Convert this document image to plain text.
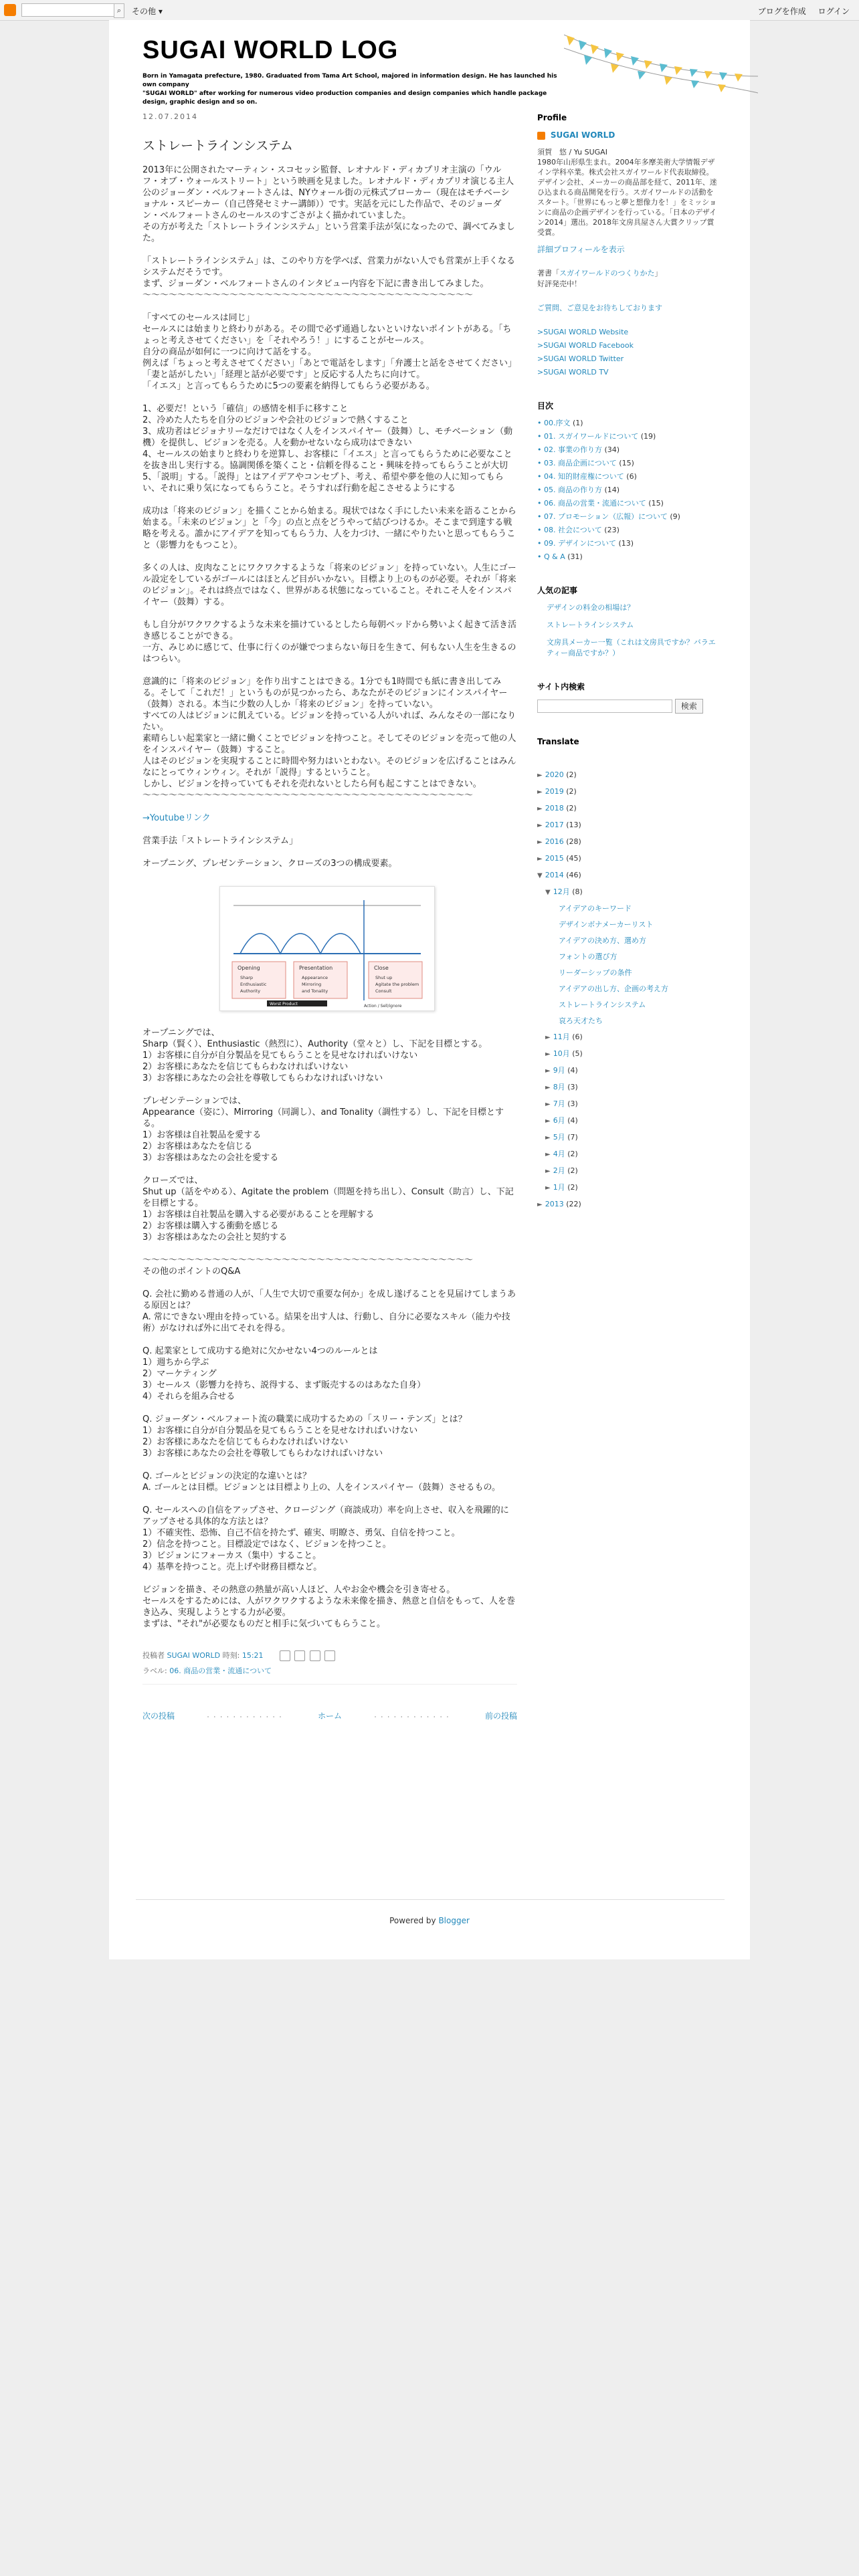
⌕	その他 ▾	ブログを作成 ログイン
SUGAI WORLD LOG
Born in Yamagata prefecture, 1980. Graduated from Tama Art School, majored in information design. He has launched his own company
"SUGAI WORLD" after working for numerous video production companies and design companies which handle package design, graphic design and so on.
12.07.2014
ストレートラインシステム

2013年に公開されたマーティン・スコセッシ監督、レオナルド・ディカプリオ主演の「ウルフ・オブ・ウォールストリート」という映画を見ました。レオナルド・ディカプリオ演じる主人公のジョーダン・ベルフォートさんは、NYウォール街の元株式ブローカー（現在はモチベーショナル・スピーカー（自己啓発セミナー講師））です。実話を元にした作品で、そのジョーダン・ベルフォートさんのセールスのすごさがよく描かれていました。
その方が考えた「ストレートラインシステム」という営業手法が気になったので、調べてみました。

「ストレートラインシステム」は、このやり方を学べば、営業力がない人でも営業が上手くなるシステムだそうです。
まず、ジョーダン・ベルフォートさんのインタビュー内容を下記に書き出してみました。
〜〜〜〜〜〜〜〜〜〜〜〜〜〜〜〜〜〜〜〜〜〜〜〜〜〜〜〜〜〜〜〜〜〜〜〜〜〜

「すべてのセールスは同じ」
セールスには始まりと終わりがある。その間で必ず通過しないといけないポイントがある。「ちょっと考えさせてください」を「それやろう！」にすることがセールス。
自分の商品が如何に一つに向けて話をする。
例えば「ちょっと考えさせてください」「あとで電話をします」「弁護士と話をさせてください」「妻と話がしたい」「経理と話が必要です」と反応する人たちに向けて。
「イエス」と言ってもらうために5つの要素を納得してもらう必要がある。

1、必要だ！という「確信」の感情を相手に移すこと
2、冷めた人たちを自分のビジョンや会社のビジョンで熱くすること
3、成功者はビジョナリーなだけではなく人をインスパイヤー（鼓舞）し、モチベーション（動機）を提供し、ビジョンを売る。人を動かせないなら成功はできない
4、セールスの始まりと終わりを逆算し、お客様に「イエス」と言ってもらうために必要なことを抜き出し実行する。協調関係を築くこと・信頼を得ること・興味を持ってもらうことが大切
5、「説明」する。「説得」とはアイデアやコンセプト、考え、希望や夢を他の人に知ってもらい、それに乗り気になってもらうこと。そうすれば行動を起こさせるようにする

成功は「将来のビジョン」を描くことから始まる。現状ではなく手にしたい未来を語ることから始まる。「未来のビジョン」と「今」の点と点をどうやって結びつけるか。そこまで到達する戦略を考える。誰かにアイデアを知ってもらう力、人を力づけ、一緒にやりたいと思ってもらうこと（影響力をもつこと）。

多くの人は、皮肉なことにワクワクするような「将来のビジョン」を持っていない。人生にゴール設定をしているがゴールにはほとんど目がいかない。目標より上のものが必要。それが「将来のビジョン」。それは終点ではなく、世界がある状態になっていること。それこそ人をインスパイヤー（鼓舞）する。

もし自分がワクワクするような未来を描けているとしたら毎朝ベッドから勢いよく起きて活き活き感じることができる。
一方、みじめに感じて、仕事に行くのが嫌でつまらない毎日を生きて、何もない人生を生きるのはつらい。

意識的に「将来のビジョン」を作り出すことはできる。1分でも1時間でも紙に書き出してみる。そして「これだ！」というものが見つかったら、あなたがそのビジョンにインスパイヤー（鼓舞）される。本当に少数の人しか「将来のビジョン」を持っていない。
すべての人はビジョンに飢えている。ビジョンを持っている人がいれば、みんなその一部になりたい。
素晴らしい起業家と一緒に働くことでビジョンを持つこと。そしてそのビジョンを売って他の人をインスパイヤー（鼓舞）すること。
人はそのビジョンを実現することに時間や努力はいとわない。そのビジョンを広げることはみんなにとってウィンウィン。それが「説得」するということ。
しかし、ビジョンを持っていてもそれを売れないとしたら何も起こすことはできない。
〜〜〜〜〜〜〜〜〜〜〜〜〜〜〜〜〜〜〜〜〜〜〜〜〜〜〜〜〜〜〜〜〜〜〜〜〜〜

→Youtubeリンク

営業手法「ストレートラインシステム」

オープニング、プレゼンテーション、クローズの3つの構成要素。

Opening	Presentation	Close
Sharp
Enthusiastic
Authority
Appearance
Mirroring
and Tonality
Shut up
Agitate the problem
Consult
Worst Product	Action / Sell/ignore

オープニングでは、
Sharp（賢く）、Enthusiastic（熱烈に）、Authority（堂々と）し、下記を目標とする。
1）お客様に自分が自分製品を見てもらうことを見せなければいけない
2）お客様にあなたを信じてもらわなければいけない
3）お客様にあなたの会社を尊敬してもらわなければいけない

プレゼンテーションでは、
Appearance（姿に）、Mirroring（同調し）、and Tonality（調性する）し、下記を目標とする。
1）お客様は自社製品を愛する
2）お客様はあなたを信じる
3）お客様はあなたの会社を愛する

クローズでは、
Shut up（話をやめる）、Agitate the problem（問題を持ち出し）、Consult（助言）し、下記を目標とする。
1）お客様は自社製品を購入する必要があることを理解する
2）お客様は購入する衝動を感じる
3）お客様はあなたの会社と契約する

〜〜〜〜〜〜〜〜〜〜〜〜〜〜〜〜〜〜〜〜〜〜〜〜〜〜〜〜〜〜〜〜〜〜〜〜〜〜
その他のポイントのQ&A

Q. 会社に勤める普通の人が、「人生で大切で重要な何か」を成し遂げることを見届けてしまうある原因とは？
A. 常にできない理由を持っている。結果を出す人は、行動し、自分に必要なスキル（能力や技術）がなければ外に出てそれを得る。

Q. 起業家として成功する絶対に欠かせない4つのルールとは
1）週ちから学ぶ
2）マーケティング
3）セールス（影響力を持ち、説得する、まず販売するのはあなた自身）
4）それらを組み合せる

Q. ジョーダン・ベルフォート流の職業に成功するための「スリー・テンズ」とは？
1）お客様に自分が自分製品を見てもらうことを見せなければいけない
2）お客様にあなたを信じてもらわなければいけない
3）お客様にあなたの会社を尊敬してもらわなければいけない

Q. ゴールとビジョンの決定的な違いとは？
A. ゴールとは目標。ビジョンとは目標より上の、人をインスパイヤー（鼓舞）させるもの。

Q. セールスへの自信をアップさせ、クロージング（商談成功）率を向上させ、収入を飛躍的にアップさせる具体的な方法とは？
1）不確実性、恐怖、自己不信を持たず、確実、明瞭さ、勇気、自信を持つこと。
2）信念を持つこと。目標設定ではなく、ビジョンを持つこと。
3）ビジョンにフォーカス（集中）すること。
4）基準を持つこと。売上げや財務目標など。

ビジョンを描き、その熱意の熱量が高い人ほど、人やお金や機会を引き寄せる。
セールスをするためには、人がワクワクするような未来像を描き、熱意と自信をもって、人を巻き込み、実現しようとする力が必要。
まずは、"それ"が必要なものだと相手に気づいてもらうこと。

投稿者 SUGAI WORLD 時刻: 15:21
ラベル: 06. 商品の営業・流通について
次の投稿	............	ホーム	............	前の投稿
Profile
SUGAI WORLD
須賀　悠 / Yu SUGAI
1980年山形県生まれ。2004年多摩美術大学情報デザイン学科卒業。株式会社スガイワールド代表取締役。デザイン会社、メーカーの商品部を経て、2011年、迷ひ込まれる商品開発を行う。スガイワールドの活動をスタート。「世界にもっと夢と想像力を！」をミッションに商品の企画デザインを行っている。「日本のデザイン2014」選出。2018年文房具屋さん大賞クリップ賞受賞。
詳細プロフィールを表示
著書「スガイワールドのつくりかた」
好評発売中！
ご質問、ご意見をお待ちしております
>SUGAI WORLD Website
>SUGAI WORLD Facebook
>SUGAI WORLD Twitter
>SUGAI WORLD TV
目次
• 00.序文 (1)
• 01. スガイワールドについて (19)
• 02. 事業の作り方 (34)
• 03. 商品企画について (15)
• 04. 知的財産権について (6)
• 05. 商品の作り方 (14)
• 06. 商品の営業・流通について (15)
• 07. プロモーション（広報）について (9)
• 08. 社会について (23)
• 09. デザインについて (13)
• Q & A (31)
人気の記事
デザインの料金の相場は？
ストレートラインシステム
文房具メーカー一覧（これは文房具ですか？バラエティー商品ですか？）
サイト内検索
検索
Translate
► 2020 (2)
► 2019 (2)
► 2018 (2)
► 2017 (13)
► 2016 (28)
► 2015 (45)
▼ 2014 (46)
▼ 12月 (8)
アイデアのキーワード
デザインボナメーカーリスト
アイデアの決め方、選め方
フォントの選び方
リーダーシップの条件
アイデアの出し方、企画の考え方
ストレートラインシステム
哀ろ天才たち
► 11月 (6)
► 10月 (5)
► 9月 (4)
► 8月 (3)
► 7月 (3)
► 6月 (4)
► 5月 (7)
► 4月 (2)
► 2月 (2)
► 1月 (2)
► 2013 (22)
Powered by Blogger
